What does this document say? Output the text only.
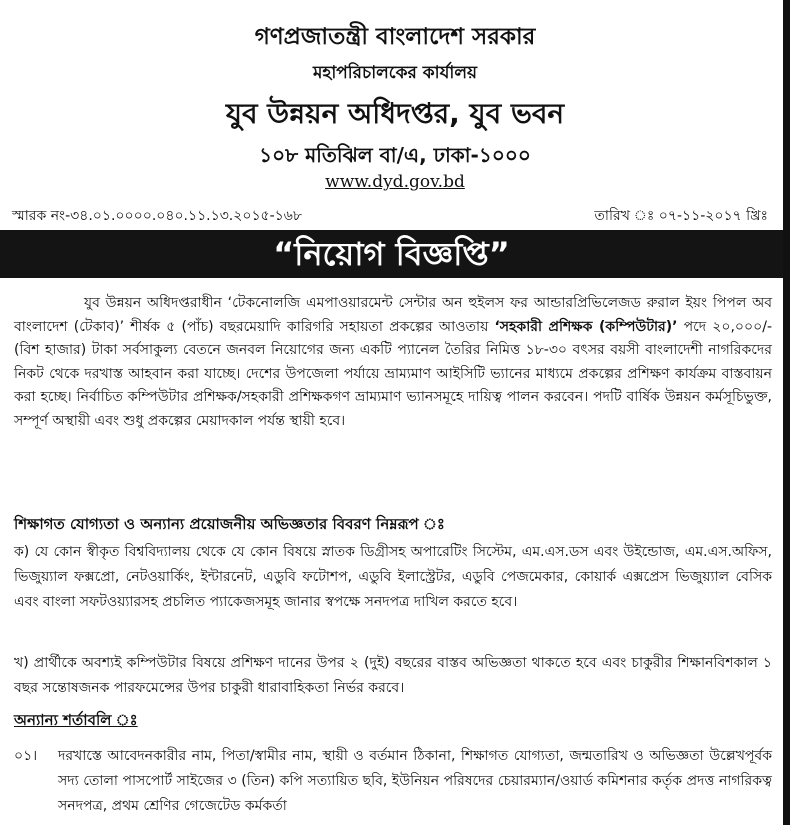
গণপ্রজাতন্ত্রী বাংলাদেশ সরকার
মহাপরিচালকের কার্যালয়
যুব উন্নয়ন অধিদপ্তর, যুব ভবন
১০৮ মতিঝিল বা/এ, ঢাকা-১০০০
www.dyd.gov.bd
স্মারক নং-৩৪.০১.০০০০.০৪০.১১.১৩.২০১৫-১৬৮	তারিখ ঃ ০৭-১১-২০১৭ খ্রিঃ
“নিয়োগ বিজ্ঞপ্তি”
যুব উন্নয়ন অধিদপ্তরাধীন ‘টেকনোলজি এমপাওয়ারমেন্ট সেন্টার অন হুইলস ফর আন্ডারপ্রিভিলেজড রুরাল ইয়ং পিপল অব বাংলাদেশ (টেকাব)’ শীর্ষক ৫ (পাঁচ) বছরমেয়াদি কারিগরি সহায়তা প্রকল্পের আওতায় ‘সহকারী প্রশিক্ষক (কম্পিউটার)’ পদে ২০,০০০/- (বিশ হাজার) টাকা সর্বসাকুল্য বেতনে জনবল নিয়োগের জন্য একটি প্যানেল তৈরির নিমিত্ত ১৮-৩০ বৎসর বয়সী বাংলাদেশী নাগরিকদের নিকট থেকে দরখাস্ত আহবান করা যাচ্ছে। দেশের উপজেলা পর্যায়ে ভ্রাম্যমাণ আইসিটি ভ্যানের মাধ্যমে প্রকল্পের প্রশিক্ষণ কার্যক্রম বাস্তবায়ন করা হচ্ছে। নির্বাচিত কম্পিউটার প্রশিক্ষক/সহকারী প্রশিক্ষকগণ ভ্রাম্যমাণ ভ্যানসমূহে দায়িত্ব পালন করবেন। পদটি বার্ষিক উন্নয়ন কর্মসূচিভুক্ত, সম্পূর্ণ অস্থায়ী এবং শুধু প্রকল্পের মেয়াদকাল পর্যন্ত স্থায়ী হবে।
শিক্ষাগত যোগ্যতা ও অন্যান্য প্রয়োজনীয় অভিজ্ঞতার বিবরণ নিম্নরূপ ঃ
ক) যে কোন স্বীকৃত বিশ্ববিদ্যালয় থেকে যে কোন বিষয়ে স্নাতক ডিগ্রীসহ অপারেটিং সিস্টেম, এম.এস.ডস এবং উইন্ডোজ, এম.এস.অফিস, ভিজুয়্যাল ফক্সপ্রো, নেটওয়ার্কিং, ইন্টারনেট, এডুবি ফটোশপ, এডুবি ইলাস্ট্রেটর, এডুবি পেজমেকার, কোয়ার্ক এক্সপ্রেস ভিজুয়্যাল বেসিক এবং বাংলা সফটওয়্যারসহ প্রচলিত প্যাকেজসমূহ জানার স্বপক্ষে সনদপত্র দাখিল করতে হবে।
খ) প্রার্থীকে অবশ্যই কম্পিউটার বিষয়ে প্রশিক্ষণ দানের উপর ২ (দুই) বছরের বাস্তব অভিজ্ঞতা থাকতে হবে এবং চাকুরীর শিক্ষানবিশকাল ১ বছর সন্তোষজনক পারফমেন্সের উপর চাকুরী ধারাবাহিকতা নির্ভর করবে।
অন্যান্য শর্তাবলি ঃ
০১। দরখাস্তে আবেদনকারীর নাম, পিতা/স্বামীর নাম, স্থায়ী ও বর্তমান ঠিকানা, শিক্ষাগত যোগ্যতা, জন্মতারিখ ও অভিজ্ঞতা উল্লেখপূর্বক সদ্য তোলা পাসপোর্ট সাইজের ৩ (তিন) কপি সত্যায়িত ছবি, ইউনিয়ন পরিষদের চেয়ারম্যান/ওয়ার্ড কমিশনার কর্তৃক প্রদত্ত নাগরিকত্ব সনদপত্র, প্রথম শ্রেণির গেজেটেড কর্মকর্তা
